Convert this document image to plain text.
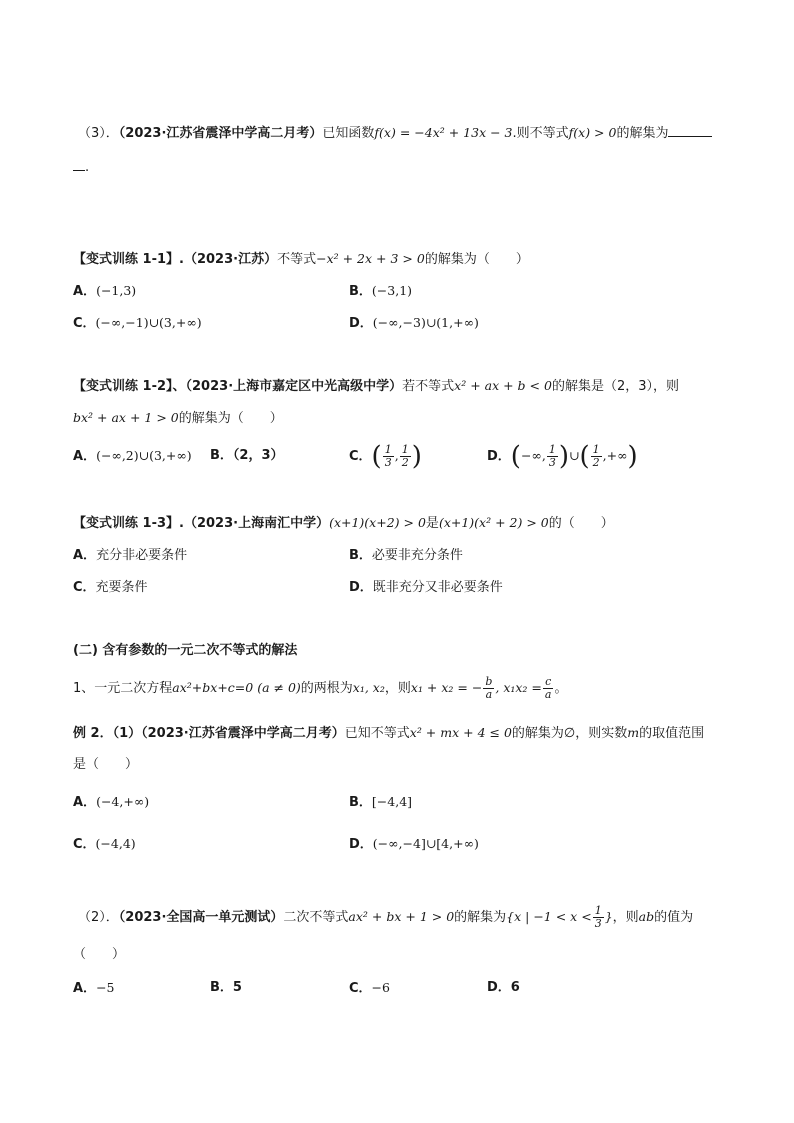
（3）．（2023·江苏省震泽中学高二月考）已知函数f(x) = −4x² + 13x − 3.则不等式f(x) > 0的解集为
.
【变式训练 1-1】.（2023·江苏）不等式−x² + 2x + 3 > 0的解集为（　　）
A．(−1,3)	B．(−3,1)
C．(−∞,−1)∪(3,+∞)	D．(−∞,−3)∪(1,+∞)
【变式训练 1-2】、（2023·上海市嘉定区中光高级中学）若不等式x² + ax + b < 0的解集是（2，3），则
bx² + ax + 1 > 0的解集为（　　）
A．(−∞,2)∪(3,+∞) B．（2，3）	C．( $\frac{1}{3}$ , $\frac{1}{2}$ )	D．(−∞, $\frac{1}{3}$ )∪( $\frac{1}{2}$ ,+∞)
【变式训练 1-3】.（2023·上海南汇中学）(x+1)(x+2) > 0是(x+1)(x² + 2) > 0的（　　）
A．充分非必要条件	B．必要非充分条件
C．充要条件	D．既非充分又非必要条件
(二) 含有参数的一元二次不等式的解法
1、一元二次方程ax²+bx+c=0 (a ≠ 0)的两根为x₁, x₂，则x₁ + x₂ = − $\frac{b}{a}$ , $x_1x_2 = \frac{c}{a}$ 。
例 2．（1）（2023·江苏省震泽中学高二月考）已知不等式x² + mx + 4 ≤ 0的解集为∅，则实数m的取值范围
是（　　）
A．(−4,+∞)	B．[−4,4]
C．(−4,4)	D．(−∞,−4]∪[4,+∞)
（2）．（2023·全国高一单元测试）二次不等式ax² + bx + 1 > 0的解集为{x | $-1 < x < \frac{1}{3}$ }，则ab的值为
（　　）
A．−5	B．5	C．−6	D．6
